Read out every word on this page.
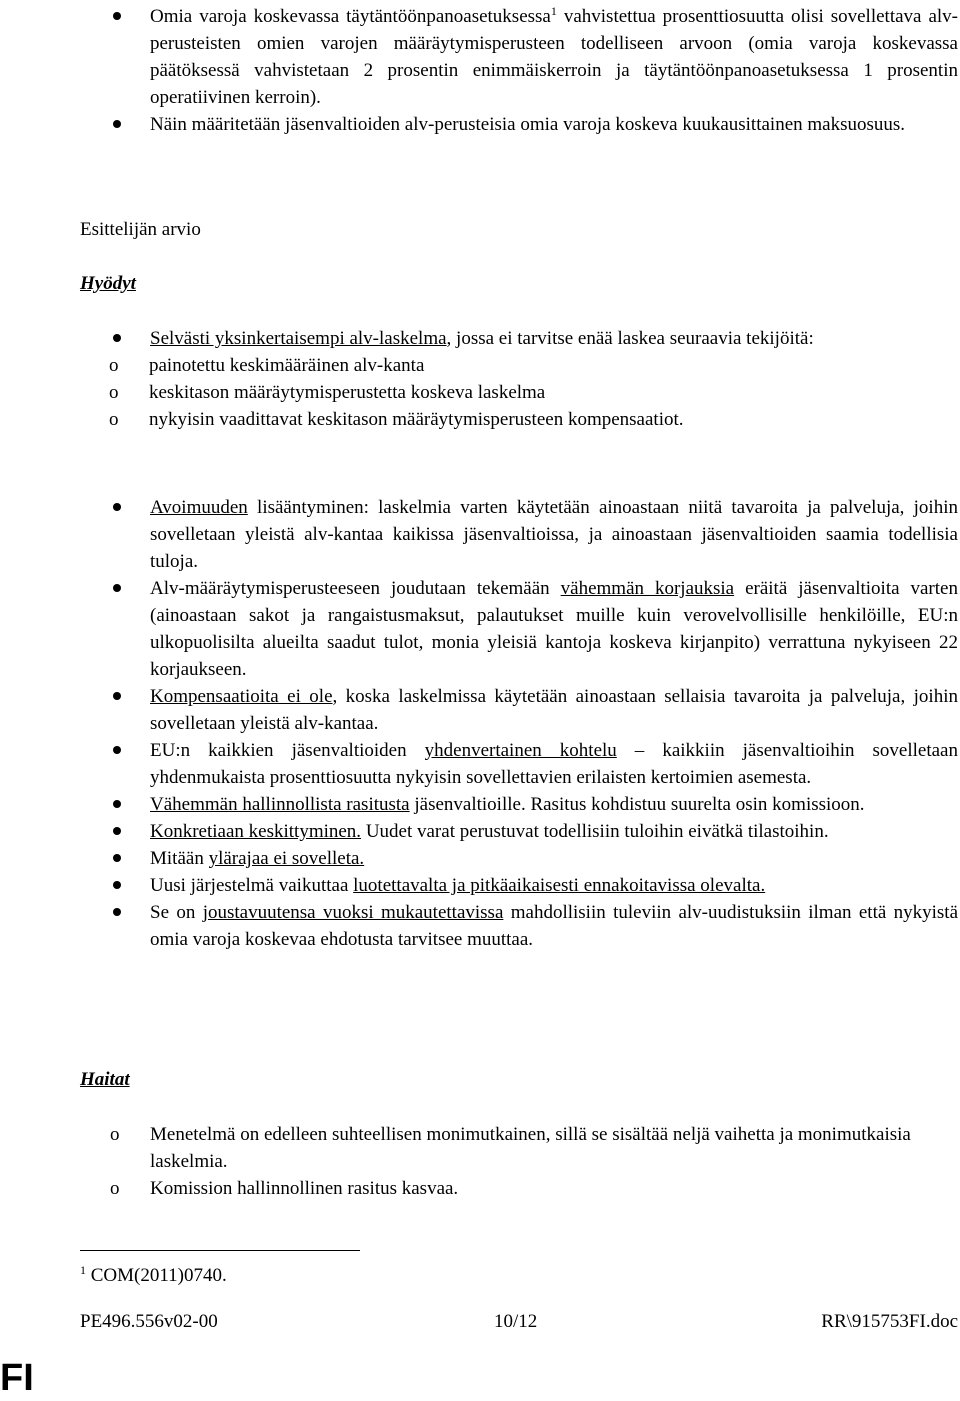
Omia varoja koskevassa täytäntöönpanoasetuksessa$^1$ vahvistettua prosenttiosuutta olisi sovellettava alv-perusteisten omien varojen määräytymisperusteen todelliseen arvoon (omia varoja koskevassa päätöksessä vahvistetaan 2 prosentin enimmäiskerroin ja täytäntöönpanoasetuksessa 1 prosentin operatiivinen kerroin).
Näin määritetään jäsenvaltioiden alv-perusteisia omia varoja koskeva kuukausittainen maksuosuus.
Esittelijän arvio
Hyödyt
Selvästi yksinkertaisempi alv-laskelma, jossa ei tarvitse enää laskea seuraavia tekijöitä:
o painotettu keskimääräinen alv-kanta
o keskitason määräytymisperustetta koskeva laskelma
o nykyisin vaadittavat keskitason määräytymisperusteen kompensaatiot.
Avoimuuden lisääntyminen: laskelmia varten käytetään ainoastaan niitä tavaroita ja palveluja, joihin sovelletaan yleistä alv-kantaa kaikissa jäsenvaltioissa, ja ainoastaan jäsenvaltioiden saamia todellisia tuloja.
Alv-määräytymisperusteeseen joudutaan tekemään vähemmän korjauksia eräitä jäsenvaltioita varten (ainoastaan sakot ja rangaistusmaksut, palautukset muille kuin verovelvollisille henkilöille, EU:n ulkopuolisilta alueilta saadut tulot, monia yleisiä kantoja koskeva kirjanpito) verrattuna nykyiseen 22 korjaukseen.
Kompensaatioita ei ole, koska laskelmissa käytetään ainoastaan sellaisia tavaroita ja palveluja, joihin sovelletaan yleistä alv-kantaa.
EU:n kaikkien jäsenvaltioiden yhdenvertainen kohtelu – kaikkiin jäsenvaltioihin sovelletaan yhdenmukaista prosenttiosuutta nykyisin sovellettavien erilaisten kertoimien asemesta.
Vähemmän hallinnollista rasitusta jäsenvaltioille. Rasitus kohdistuu suurelta osin komissioon.
Konkretiaan keskittyminen. Uudet varat perustuvat todellisiin tuloihin eivätkä tilastoihin.
Mitään ylärajaa ei sovelleta.
Uusi järjestelmä vaikuttaa luotettavalta ja pitkäaikaisesti ennakoitavissa olevalta.
Se on joustavuutensa vuoksi mukautettavissa mahdollisiin tuleviin alv-uudistuksiin ilman että nykyistä omia varoja koskevaa ehdotusta tarvitsee muuttaa.
Haitat
o Menetelmä on edelleen suhteellisen monimutkainen, sillä se sisältää neljä vaihetta ja monimutkaisia laskelmia.
o Komission hallinnollinen rasitus kasvaa.
$^1$ COM(2011)0740.
PE496.556v02-00	10/12	RR\915753FI.doc
FI
